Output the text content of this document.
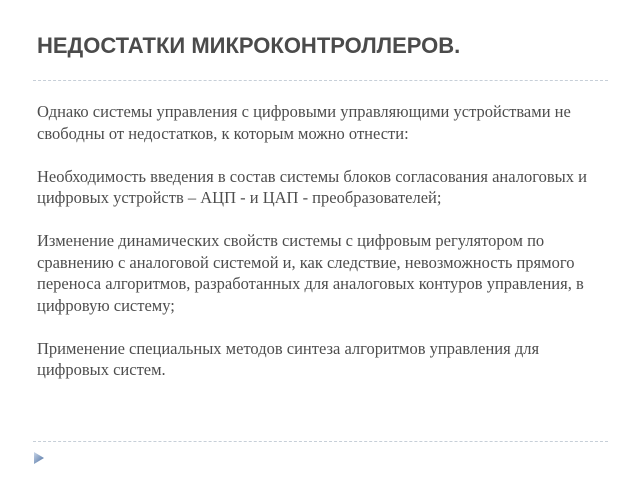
НЕДОСТАТКИ МИКРОКОНТРОЛЛЕРОВ.

Однако системы управления с цифровыми управляющими устройствами не свободны от недостатков, к которым можно отнести:

Необходимость введения в состав системы блоков согласования аналоговых и цифровых устройств – АЦП - и ЦАП - преобразователей;

Изменение динамических свойств системы с цифровым регулятором по сравнению с аналоговой системой и, как следствие, невозможность прямого переноса алгоритмов, разработанных для аналоговых контуров управления, в цифровую систему;

Применение специальных методов синтеза алгоритмов управления для цифровых систем.
